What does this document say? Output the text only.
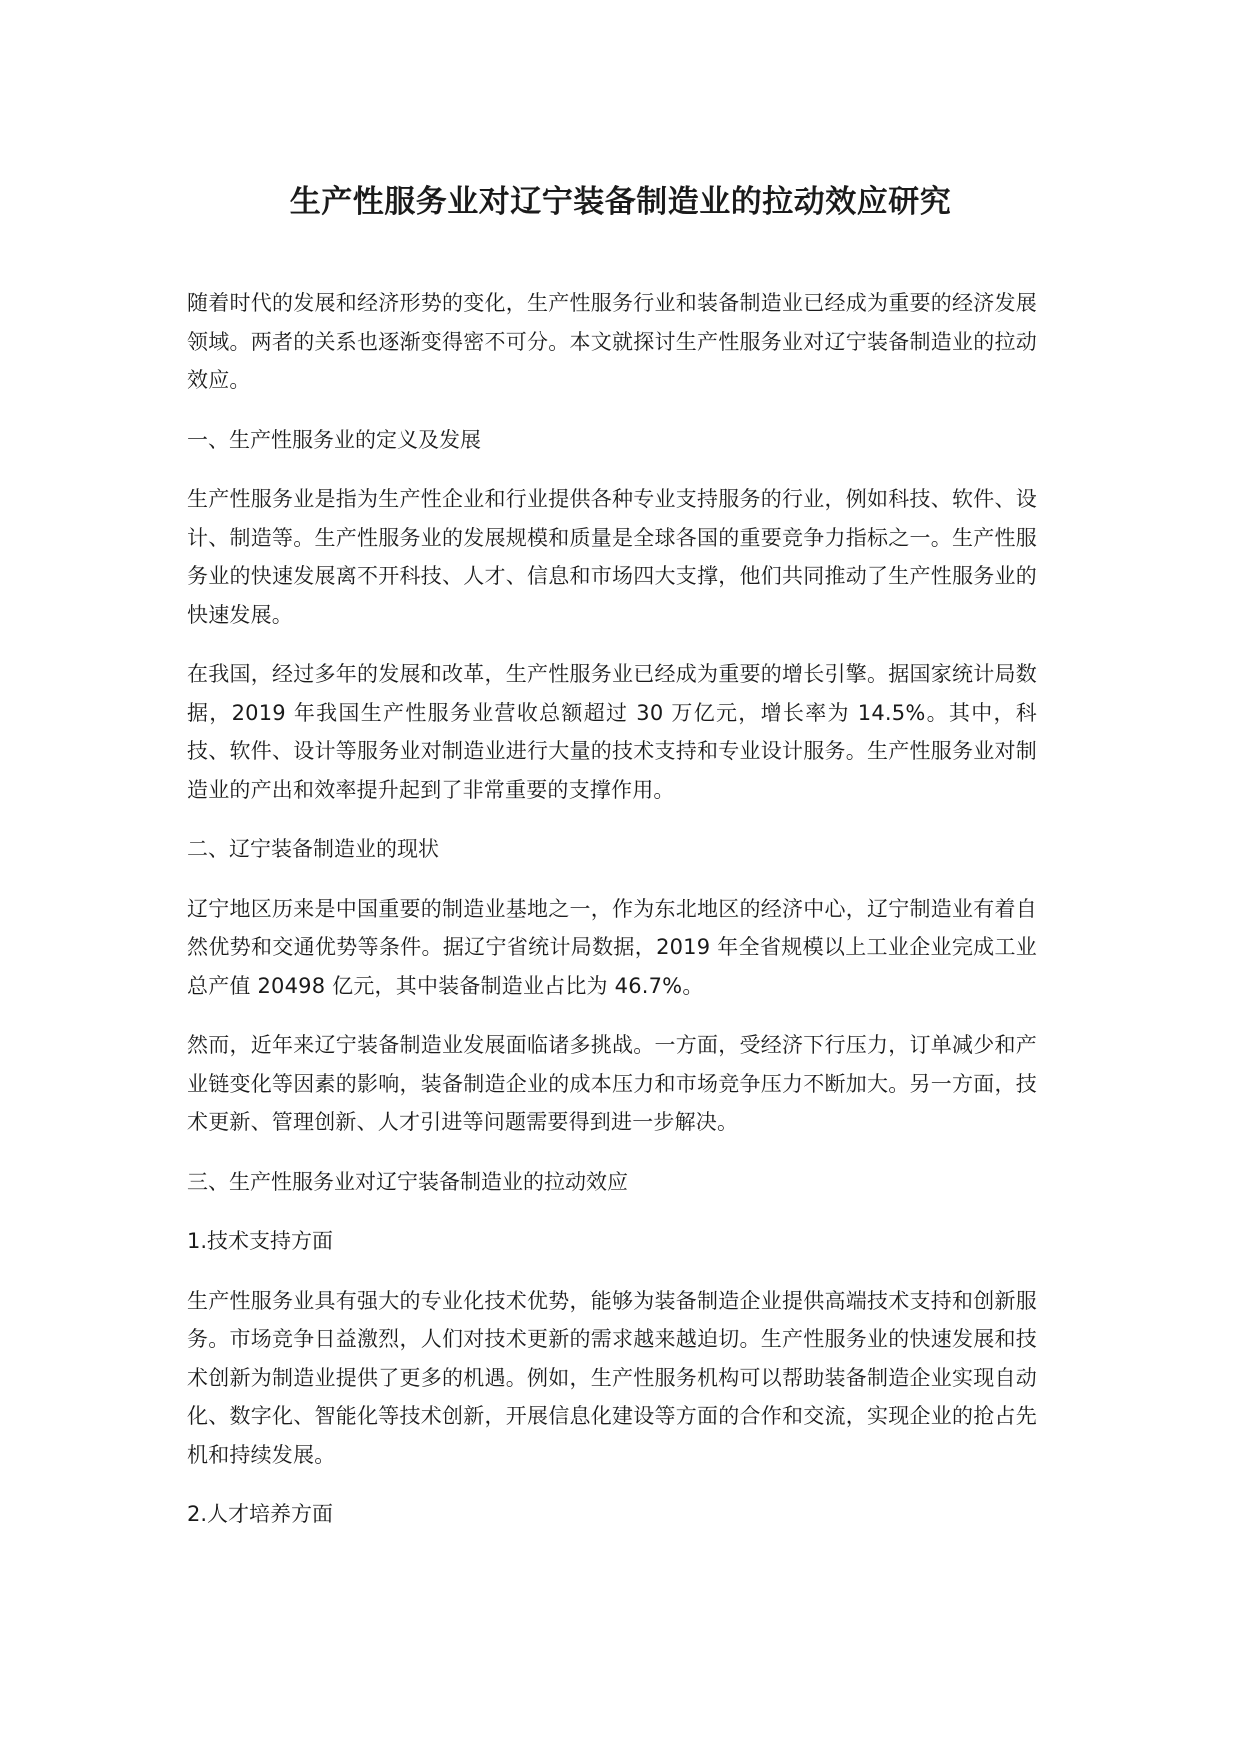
生产性服务业对辽宁装备制造业的拉动效应研究

随着时代的发展和经济形势的变化，生产性服务行业和装备制造业已经成为重要的经济发展领域。两者的关系也逐渐变得密不可分。本文就探讨生产性服务业对辽宁装备制造业的拉动效应。

一、生产性服务业的定义及发展

生产性服务业是指为生产性企业和行业提供各种专业支持服务的行业，例如科技、软件、设计、制造等。生产性服务业的发展规模和质量是全球各国的重要竞争力指标之一。生产性服务业的快速发展离不开科技、人才、信息和市场四大支撑，他们共同推动了生产性服务业的快速发展。

在我国，经过多年的发展和改革，生产性服务业已经成为重要的增长引擎。据国家统计局数据，2019 年我国生产性服务业营收总额超过 30 万亿元，增长率为 14.5%。其中，科技、软件、设计等服务业对制造业进行大量的技术支持和专业设计服务。生产性服务业对制造业的产出和效率提升起到了非常重要的支撑作用。

二、辽宁装备制造业的现状

辽宁地区历来是中国重要的制造业基地之一，作为东北地区的经济中心，辽宁制造业有着自然优势和交通优势等条件。据辽宁省统计局数据，2019 年全省规模以上工业企业完成工业总产值 20498 亿元，其中装备制造业占比为 46.7%。

然而，近年来辽宁装备制造业发展面临诸多挑战。一方面，受经济下行压力，订单减少和产业链变化等因素的影响，装备制造企业的成本压力和市场竞争压力不断加大。另一方面，技术更新、管理创新、人才引进等问题需要得到进一步解决。

三、生产性服务业对辽宁装备制造业的拉动效应

1.技术支持方面

生产性服务业具有强大的专业化技术优势，能够为装备制造企业提供高端技术支持和创新服务。市场竞争日益激烈，人们对技术更新的需求越来越迫切。生产性服务业的快速发展和技术创新为制造业提供了更多的机遇。例如，生产性服务机构可以帮助装备制造企业实现自动化、数字化、智能化等技术创新，开展信息化建设等方面的合作和交流，实现企业的抢占先机和持续发展。

2.人才培养方面
